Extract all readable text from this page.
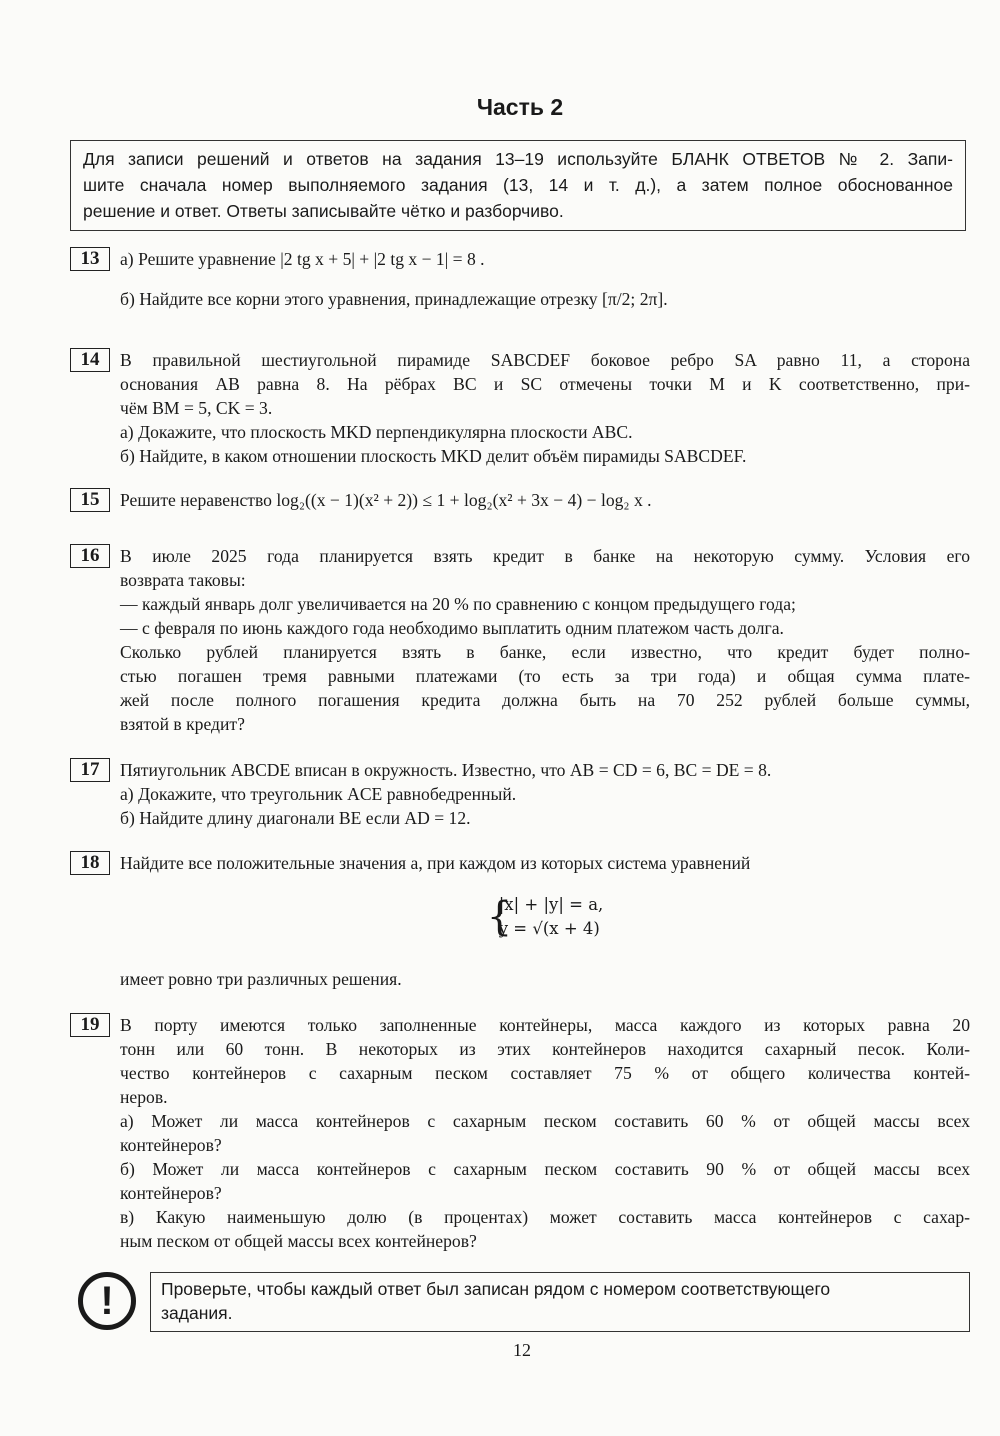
Часть 2
Для записи решений и ответов на задания 13–19 используйте БЛАНК ОТВЕТОВ № 2. Запи-
шите сначала номер выполняемого задания (13, 14 и т. д.), а затем полное обоснованное
решение и ответ. Ответы записывайте чётко и разборчиво.
13	а) Решите уравнение |2 tg x + 5| + |2 tg x − 1| = 8 .
б) Найдите все корни этого уравнения, принадлежащие отрезку [π/2; 2π].
14	В правильной шестиугольной пирамиде SABCDEF боковое ребро SA равно 11, а сторона
основания AB равна 8. На рёбрах BC и SC отмечены точки M и K соответственно, при-
чём BM = 5, CK = 3.
а) Докажите, что плоскость MKD перпендикулярна плоскости ABC.
б) Найдите, в каком отношении плоскость MKD делит объём пирамиды SABCDEF.
15	Решите неравенство log₂((x − 1)(x² + 2)) ≤ 1 + log₂(x² + 3x − 4) − log₂ x .
16	В июле 2025 года планируется взять кредит в банке на некоторую сумму. Условия его
возврата таковы:
— каждый январь долг увеличивается на 20 % по сравнению с концом предыдущего года;
— с февраля по июнь каждого года необходимо выплатить одним платежом часть долга.
Сколько рублей планируется взять в банке, если известно, что кредит будет полно-
стью погашен тремя равными платежами (то есть за три года) и общая сумма плате-
жей после полного погашения кредита должна быть на 70 252 рублей больше суммы,
взятой в кредит?
17	Пятиугольник ABCDE вписан в окружность. Известно, что AB = CD = 6, BC = DE = 8.
а) Докажите, что треугольник ACE равнобедренный.
б) Найдите длину диагонали BE если AD = 12.
18	Найдите все положительные значения a, при каждом из которых система уравнений
{
|x| + |y| = a,
y = √(x + 4)
имеет ровно три различных решения.
19	В порту имеются только заполненные контейнеры, масса каждого из которых равна 20
тонн или 60 тонн. В некоторых из этих контейнеров находится сахарный песок. Коли-
чество контейнеров с сахарным песком составляет 75 % от общего количества контей-
неров.
а) Может ли масса контейнеров с сахарным песком составить 60 % от общей массы всех
контейнеров?
б) Может ли масса контейнеров с сахарным песком составить 90 % от общей массы всех
контейнеров?
в) Какую наименьшую долю (в процентах) может составить масса контейнеров с сахар-
ным песком от общей массы всех контейнеров?
!	Проверьте, чтобы каждый ответ был записан рядом с номером соответствующего
задания.
12
